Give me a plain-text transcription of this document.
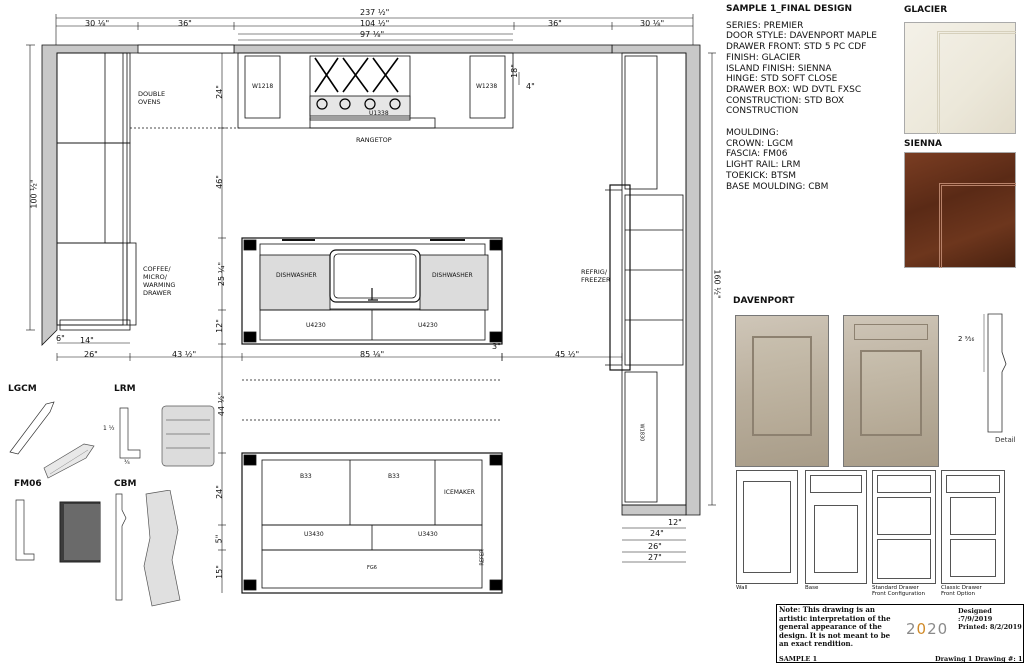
237 ½"
30 ⅛"	36"	104 ½"
97 ⅛"
36"	30 ⅛"
100 ½"
160 ½"
24"
46"
25 ¼"
12"
44 ½"
24"
5"
15"
26"	43 ½"	85 ⅛"	45 ½"
14"
3"
24"
12"
26"
27"
18"
6"
4"
DOUBLE
OVENS
RANGETOP
COFFEE/
MICRO/
WARMING
DRAWER
REFRIG/
FREEZER
DISHWASHER	DISHWASHER
U4230	U4230
W1218	W1238
U1338
U3430	U3430
B33	B33
ICEMAKER
REFER
FG6
W1830
SAMPLE 1_FINAL DESIGN
SERIES: PREMIER
DOOR STYLE: DAVENPORT MAPLE
DRAWER FRONT: STD 5 PC CDF
FINISH: GLACIER
ISLAND FINISH: SIENNA
HINGE: STD SOFT CLOSE
DRAWER BOX: WD DVTL FXSC
CONSTRUCTION: STD BOX CONSTRUCTION
MOULDING:
CROWN: LGCM
FASCIA: FM06
LIGHT RAIL: LRM
TOEKICK: BTSM
BASE MOULDING: CBM
GLACIER
SIENNA
DAVENPORT
2 ⁹⁄₁₆
Detail
Wall	Base	Standard Drawer
Front Configuration
Classic Drawer
Front Option
LGCM	LRM
1 ½
¾
FM06	CBM
Note: This drawing is an artistic interpretation of the general appearance of the design. It is not meant to be an exact rendition.
2020
Designed :7/9/2019
Printed: 8/2/2019
SAMPLE 1	Drawing 1 Drawing #: 1
